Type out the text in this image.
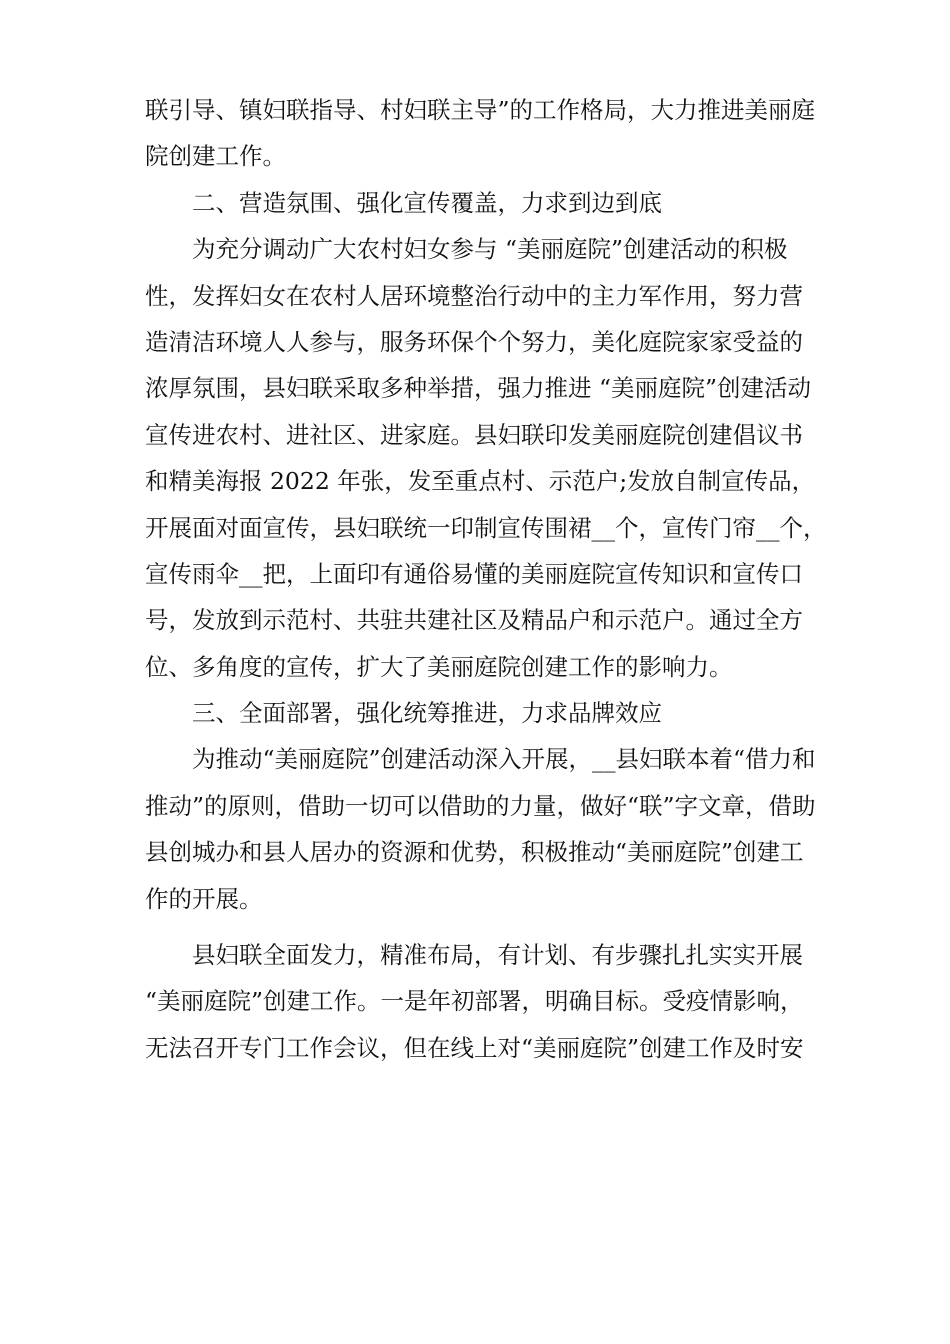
联引导、镇妇联指导、村妇联主导”的工作格局，大力推进美丽庭
院创建工作。
二、营造氛围、强化宣传覆盖，力求到边到底
为充分调动广大农村妇女参与 “美丽庭院”创建活动的积极
性，发挥妇女在农村人居环境整治行动中的主力军作用，努力营
造清洁环境人人参与，服务环保个个努力，美化庭院家家受益的
浓厚氛围，县妇联采取多种举措，强力推进 “美丽庭院”创建活动
宣传进农村、进社区、进家庭。县妇联印发美丽庭院创建倡议书
和精美海报 2022 年张，发至重点村、示范户;发放自制宣传品，
开展面对面宣传，县妇联统一印制宣传围裙__个，宣传门帘__个，
宣传雨伞__把，上面印有通俗易懂的美丽庭院宣传知识和宣传口
号，发放到示范村、共驻共建社区及精品户和示范户。通过全方
位、多角度的宣传，扩大了美丽庭院创建工作的影响力。
三、全面部署，强化统筹推进，力求品牌效应
为推动“美丽庭院”创建活动深入开展，__县妇联本着“借力和
推动”的原则，借助一切可以借助的力量，做好“联”字文章，借助
县创城办和县人居办的资源和优势，积极推动“美丽庭院”创建工
作的开展。
县妇联全面发力，精准布局，有计划、有步骤扎扎实实开展
“美丽庭院”创建工作。一是年初部署，明确目标。受疫情影响，
无法召开专门工作会议，但在线上对“美丽庭院”创建工作及时安
